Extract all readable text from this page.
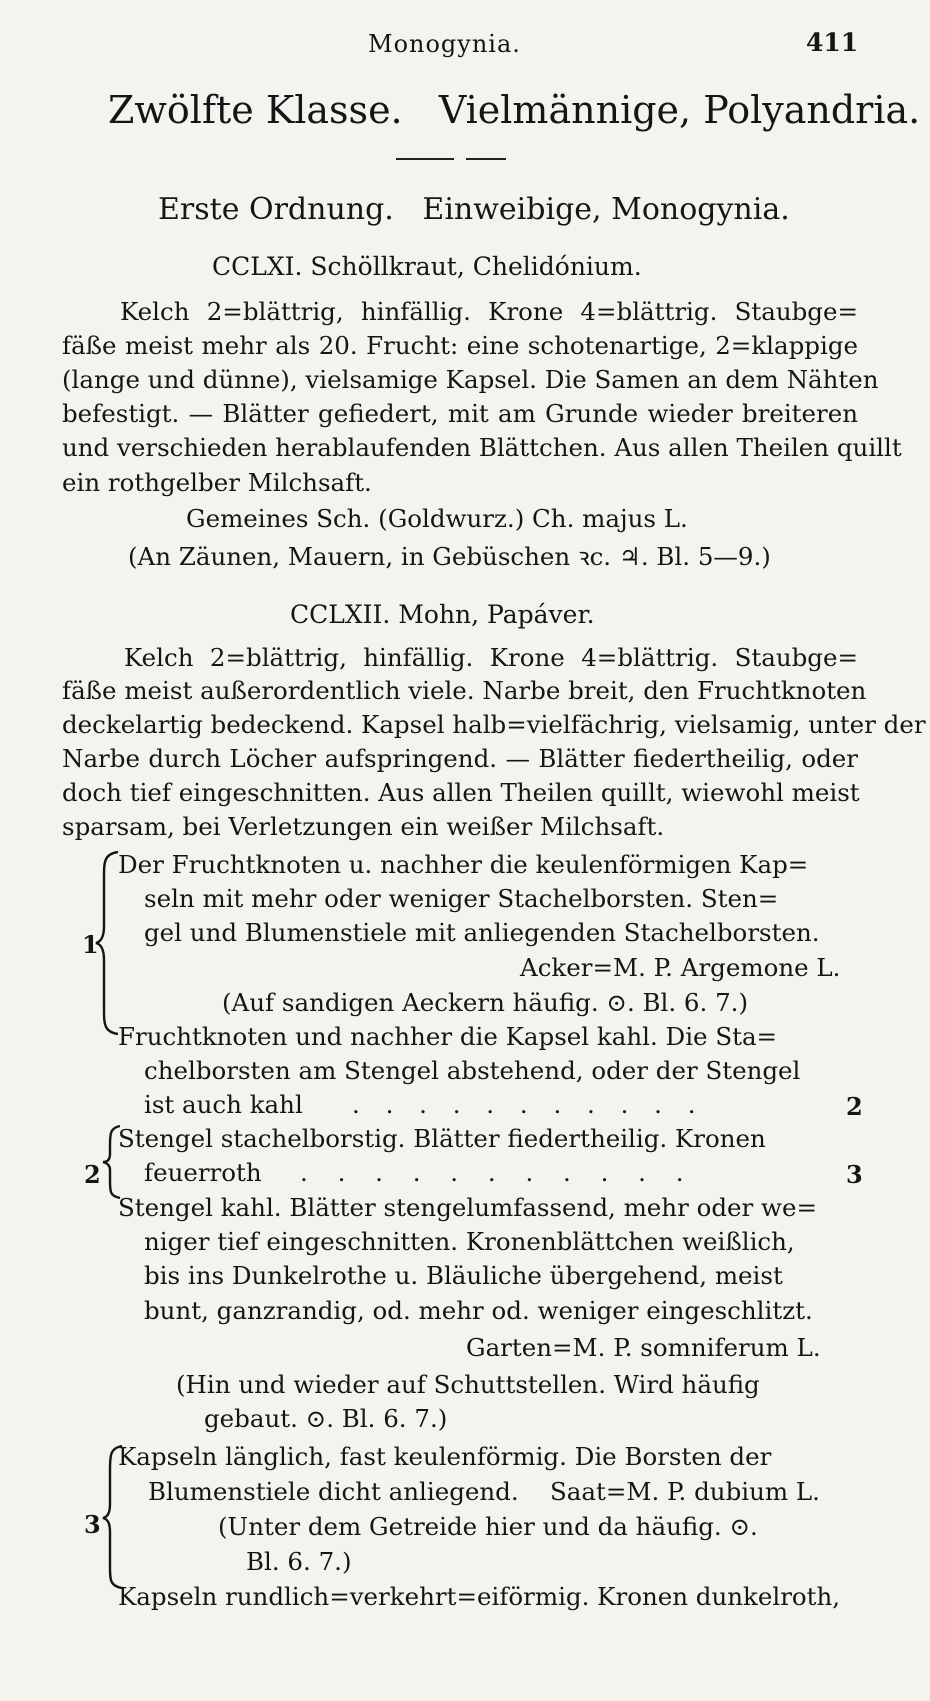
Monogynia.	411
Zwölfte Klasse.   Vielmännige, Polyandria.
Erste Ordnung.   Einweibige, Monogynia.
CCLXI. Schöllkraut, Chelidónium.
Kelch 2=blättrig, hinfällig. Krone 4=blättrig. Staubge=
fäße meist mehr als 20. Frucht: eine schotenartige, 2=klappige
(lange und dünne), vielsamige Kapsel. Die Samen an dem Nähten
befestigt. — Blätter gefiedert, mit am Grunde wieder breiteren
und verschieden herablaufenden Blättchen. Aus allen Theilen quillt
ein rothgelber Milchsaft.
Gemeines Sch. (Goldwurz.) Ch. majus L.
(An Zäunen, Mauern, in Gebüschen ꝛc. ♃. Bl. 5—9.)
CCLXII. Mohn, Papáver.
Kelch 2=blättrig, hinfällig. Krone 4=blättrig. Staubge=
fäße meist außerordentlich viele. Narbe breit, den Fruchtknoten
deckelartig bedeckend. Kapsel halb=vielfächrig, vielsamig, unter der
Narbe durch Löcher aufspringend. — Blätter fiedertheilig, oder
doch tief eingeschnitten. Aus allen Theilen quillt, wiewohl meist
sparsam, bei Verletzungen ein weißer Milchsaft.
1
Der Fruchtknoten u. nachher die keulenförmigen Kap=
seln mit mehr oder weniger Stachelborsten. Sten=
gel und Blumenstiele mit anliegenden Stachelborsten.
Acker=M. P. Argemone L.
(Auf sandigen Aeckern häufig. ⊙. Bl. 6. 7.)
Fruchtknoten und nachher die Kapsel kahl. Die Sta=
chelborsten am Stengel abstehend, oder der Stengel
ist auch kahl . . . . . . . . . . .	2
2
Stengel stachelborstig. Blätter fiedertheilig. Kronen
feuerroth . . . . . . . . . . .	3
Stengel kahl. Blätter stengelumfassend, mehr oder we=
niger tief eingeschnitten. Kronenblättchen weißlich,
bis ins Dunkelrothe u. Bläuliche übergehend, meist
bunt, ganzrandig, od. mehr od. weniger eingeschlitzt.
Garten=M. P. somniferum L.
(Hin und wieder auf Schuttstellen. Wird häufig
gebaut. ⊙. Bl. 6. 7.)
3
Kapseln länglich, fast keulenförmig. Die Borsten der
Blumenstiele dicht anliegend. Saat=M. P. dubium L.
(Unter dem Getreide hier und da häufig. ⊙.
Bl. 6. 7.)
Kapseln rundlich=verkehrt=eiförmig. Kronen dunkelroth,
